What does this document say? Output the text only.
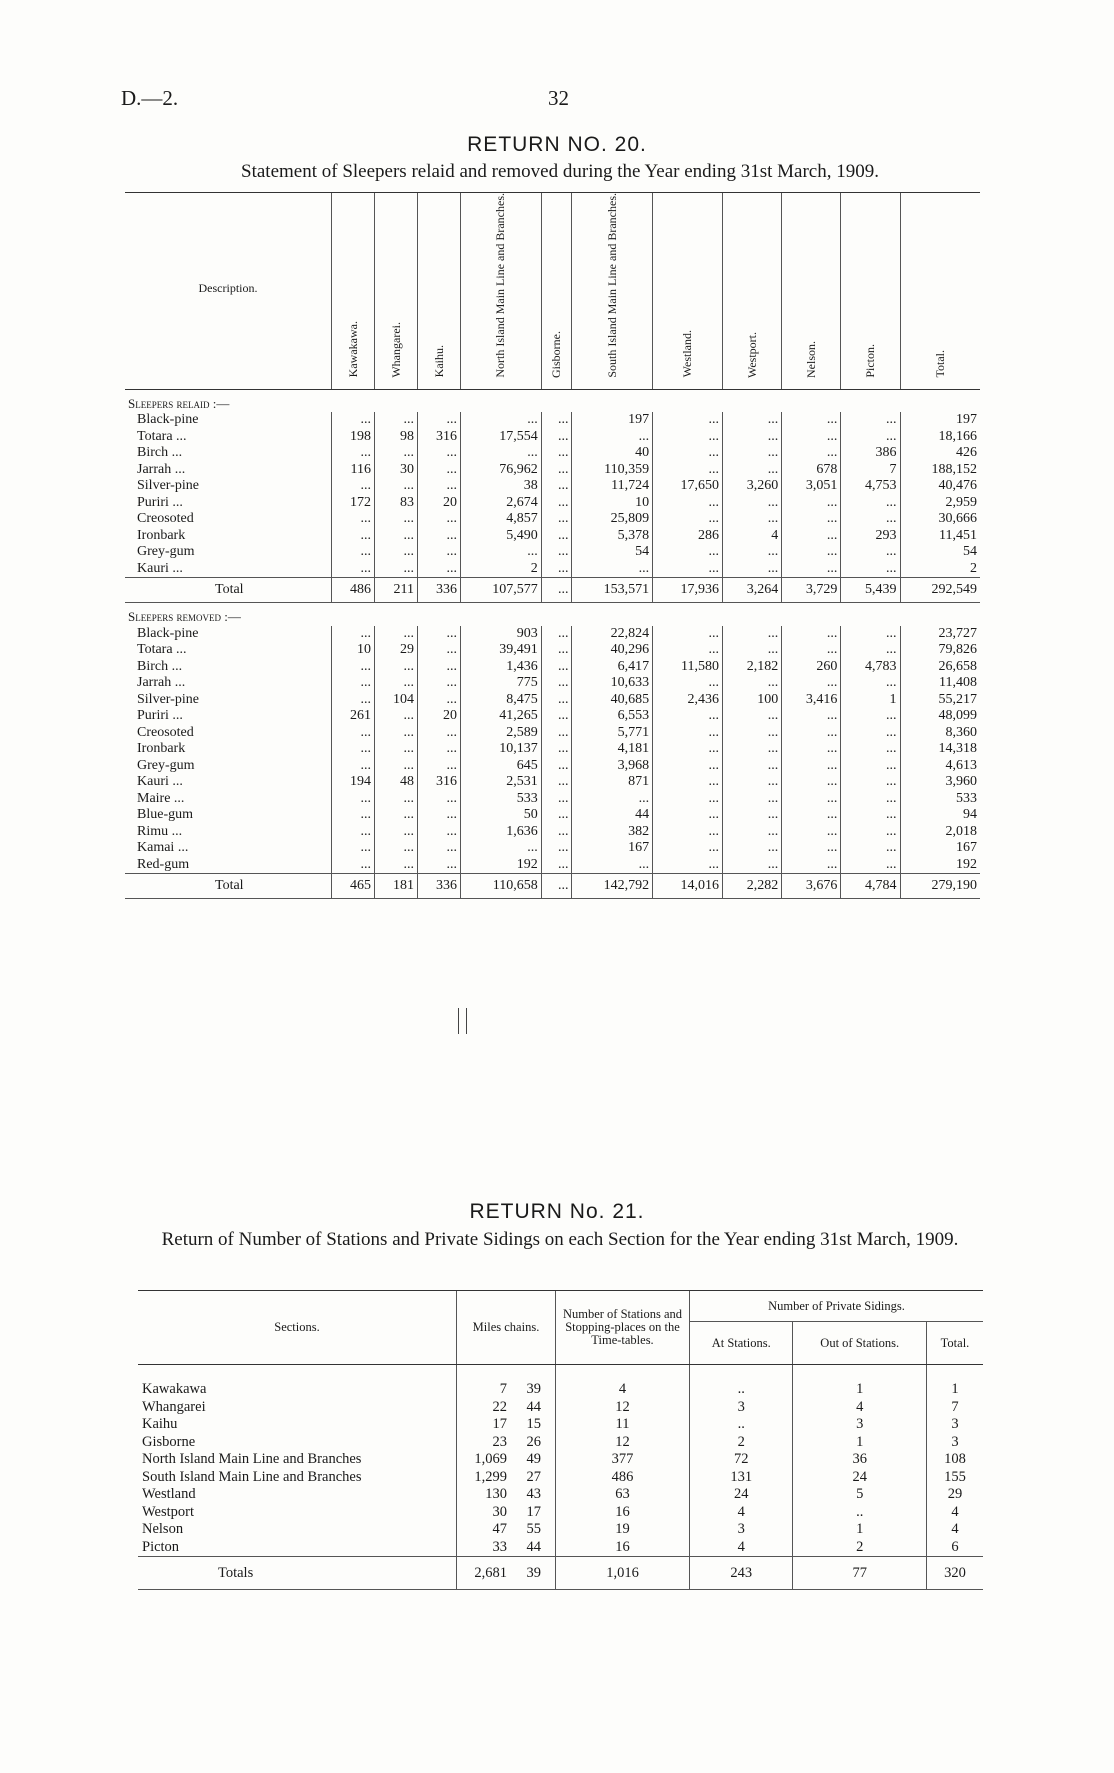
D.—2.	32
RETURN NO. 20.
Statement of Sleepers relaid and removed during the Year ending 31st March, 1909.
Description.	Kawakawa.	Whangarei.	Kaihu.	North Island Main Line and Branches.	Gisborne.	South Island Main Line and Branches.	Westland.	Westport.	Nelson.	Picton.	Total.
Sleepers relaid :—											
Black-pine	...	...	...	...	...	197	...	...	...	...	197
Totara ...	198	98	316	17,554	...	...	...	...	...	...	18,166
Birch ...	...	...	...	...	...	40	...	...	...	386	426
Jarrah ...	116	30	...	76,962	...	110,359	...	...	678	7	188,152
Silver-pine	...	...	...	38	...	11,724	17,650	3,260	3,051	4,753	40,476
Puriri ...	172	83	20	2,674	...	10	...	...	...	...	2,959
Creosoted	...	...	...	4,857	...	25,809	...	...	...	...	30,666
Ironbark	...	...	...	5,490	...	5,378	286	4	...	293	11,451
Grey-gum	...	...	...	...	...	54	...	...	...	...	54
Kauri ...	...	...	...	2	...	...	...	...	...	...	2
Total	486	211	336	107,577	...	153,571	17,936	3,264	3,729	5,439	292,549
Sleepers removed :—											
Black-pine	...	...	...	903	...	22,824	...	...	...	...	23,727
Totara ...	10	29	...	39,491	...	40,296	...	...	...	...	79,826
Birch ...	...	...	...	1,436	...	6,417	11,580	2,182	260	4,783	26,658
Jarrah ...	...	...	...	775	...	10,633	...	...	...	...	11,408
Silver-pine	...	104	...	8,475	...	40,685	2,436	100	3,416	1	55,217
Puriri ...	261	...	20	41,265	...	6,553	...	...	...	...	48,099
Creosoted	...	...	...	2,589	...	5,771	...	...	...	...	8,360
Ironbark	...	...	...	10,137	...	4,181	...	...	...	...	14,318
Grey-gum	...	...	...	645	...	3,968	...	...	...	...	4,613
Kauri ...	194	48	316	2,531	...	871	...	...	...	...	3,960
Maire ...	...	...	...	533	...	...	...	...	...	...	533
Blue-gum	...	...	...	50	...	44	...	...	...	...	94
Rimu ...	...	...	...	1,636	...	382	...	...	...	...	2,018
Kamai ...	...	...	...	...	...	167	...	...	...	...	167
Red-gum	...	...	...	192	...	...	...	...	...	...	192
Total	465	181	336	110,658	...	142,792	14,016	2,282	3,676	4,784	279,190
RETURN No. 21.
Return of Number of Stations and Private Sidings on each Section for the Year ending 31st March, 1909.
Sections.	Miles chains.	Number of Stations and Stopping-places on the Time-tables.	Number of Private Sidings.		
			At Stations.	Out of Stations.	Total.

Kawakawa	7 39	4	..	1	1
Whangarei	22 44	12	3	4	7
Kaihu	17 15	11	..	3	3
Gisborne	23 26	12	2	1	3
North Island Main Line and Branches	1,069 49	377	72	36	108
South Island Main Line and Branches	1,299 27	486	131	24	155
Westland	130 43	63	24	5	29
Westport	30 17	16	4	..	4
Nelson	47 55	19	3	1	4
Picton	33 44	16	4	2	6
Totals	2,681 39	1,016	243	77	320
